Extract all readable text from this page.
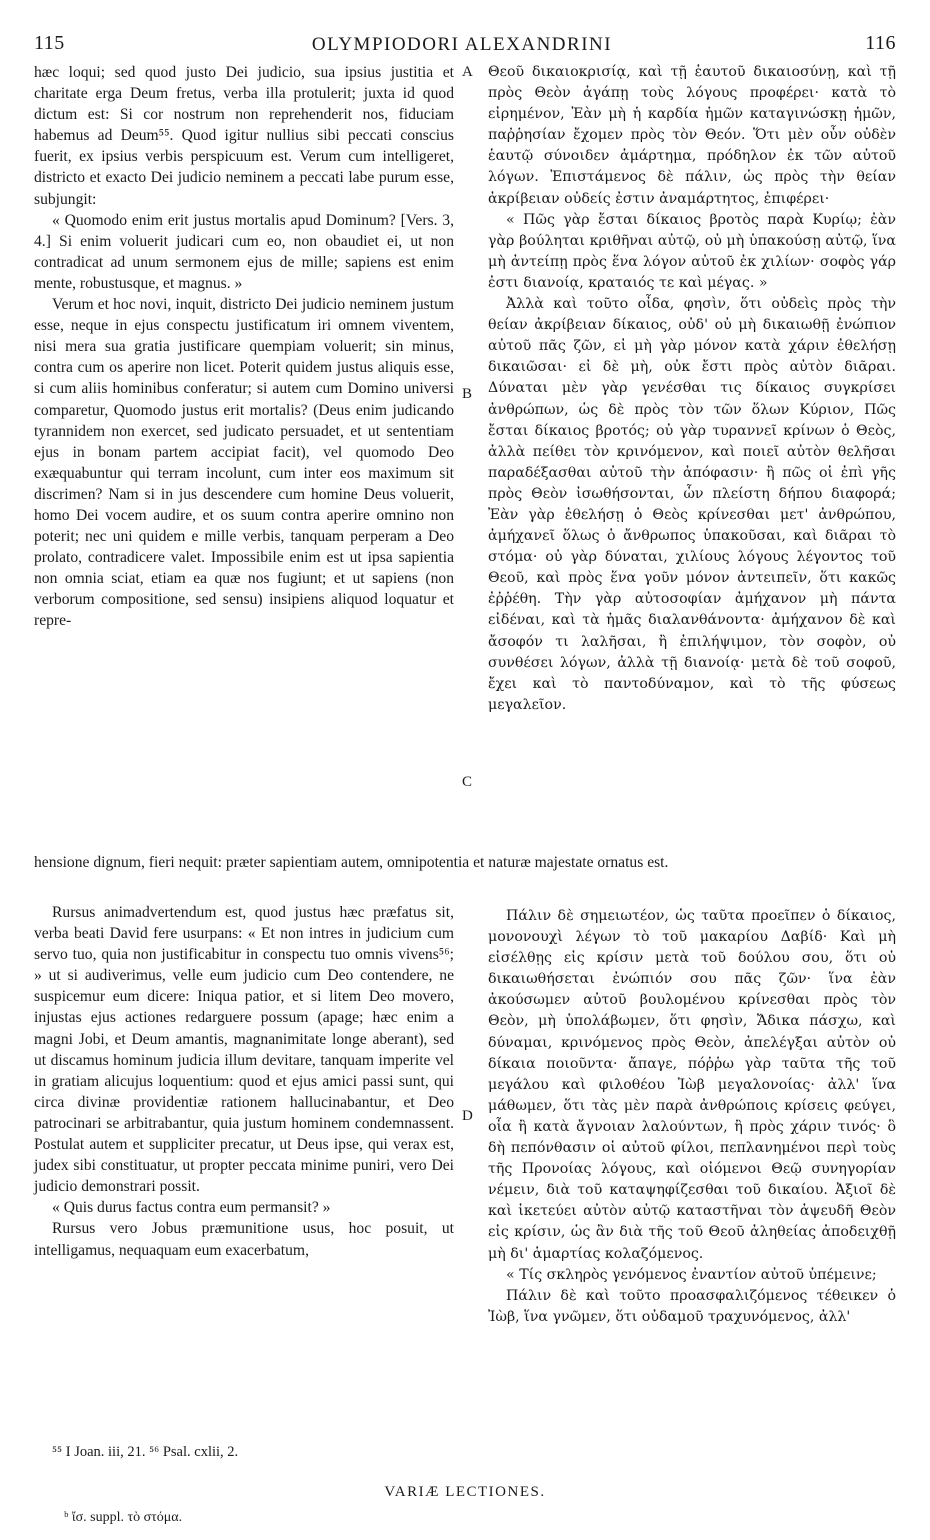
115	OLYMPIODORI ALEXANDRINI	116

hæc loqui; sed quod justo Dei judicio, sua ipsius justitia et charitate erga Deum fretus, verba illa protulerit; juxta id quod dictum est: Si cor nostrum non reprehenderit nos, fiduciam habemus ad Deum⁵⁵. Quod igitur nullius sibi peccati conscius fuerit, ex ipsius verbis perspicuum est. Verum cum intelligeret, districto et exacto Dei judicio neminem a peccati labe purum esse, subjungit:

« Quomodo enim erit justus mortalis apud Dominum? [Vers. 3, 4.] Si enim voluerit judicari cum eo, non obaudiet ei, ut non contradicat ad unum sermonem ejus de mille; sapiens est enim mente, robustusque, et magnus. »

Verum et hoc novi, inquit, districto Dei judicio neminem justum esse, neque in ejus conspectu justificatum iri omnem viventem, nisi mera sua gratia justificare quempiam voluerit; sin minus, contra cum os aperire non licet. Poterit quidem justus aliquis esse, si cum aliis hominibus conferatur; si autem cum Domino universi comparetur, Quomodo justus erit mortalis? (Deus enim judicando tyrannidem non exercet, sed judicato persuadet, et ut sententiam ejus in bonam partem accipiat facit), vel quomodo Deo exæquabuntur qui terram incolunt, cum inter eos maximum sit discrimen? Nam si in jus descendere cum homine Deus voluerit, homo Dei vocem audire, et os suum contra aperire omnino non poterit; nec uni quidem e mille verbis, tanquam perperam a Deo prolato, contradicere valet. Impossibile enim est ut ipsa sapientia non omnia sciat, etiam ea quæ nos fugiunt; et ut sapiens (non verborum compositione, sed sensu) insipiens aliquod loquatur et repre-

Θεοῦ δικαιοκρισίᾳ, καὶ τῇ ἑαυτοῦ δικαιοσύνῃ, καὶ τῇ πρὸς Θεὸν ἀγάπῃ τοὺς λόγους προφέρει· κατὰ τὸ εἰρημένον, Ἐὰν μὴ ἡ καρδία ἡμῶν καταγινώσκῃ ἡμῶν, παῤῥησίαν ἔχομεν πρὸς τὸν Θεόν. Ὅτι μὲν οὖν οὐδὲν ἑαυτῷ σύνοιδεν ἁμάρτημα, πρόδηλον ἐκ τῶν αὐτοῦ λόγων. Ἐπιστάμενος δὲ πάλιν, ὡς πρὸς τὴν θείαν ἀκρίβειαν οὐδείς ἐστιν ἀναμάρτητος, ἐπιφέρει·

« Πῶς γὰρ ἔσται δίκαιος βροτὸς παρὰ Κυρίῳ; ἐὰν γὰρ βούληται κριθῆναι αὐτῷ, οὐ μὴ ὑπακούσῃ αὐτῷ, ἵνα μὴ ἀντείπῃ πρὸς ἕνα λόγον αὐτοῦ ἐκ χιλίων· σοφὸς γάρ ἐστι διανοίᾳ, κραταιός τε καὶ μέγας. »

Ἀλλὰ καὶ τοῦτο οἶδα, φησὶν, ὅτι οὐδεὶς πρὸς τὴν θείαν ἀκρίβειαν δίκαιος, οὐδ' οὐ μὴ δικαιωθῇ ἐνώπιον αὐτοῦ πᾶς ζῶν, εἰ μὴ γὰρ μόνον κατὰ χάριν ἐθελήσῃ δικαιῶσαι· εἰ δὲ μὴ, οὐκ ἔστι πρὸς αὐτὸν διᾶραι. Δύναται μὲν γὰρ γενέσθαι τις δίκαιος συγκρίσει ἀνθρώπων, ὡς δὲ πρὸς τὸν τῶν ὅλων Κύριον, Πῶς ἔσται δίκαιος βροτός; οὐ γὰρ τυραννεῖ κρίνων ὁ Θεὸς, ἀλλὰ πείθει τὸν κρινόμενον, καὶ ποιεῖ αὐτὸν θελῆσαι παραδέξασθαι αὐτοῦ τὴν ἀπόφασιν· ἢ πῶς οἱ ἐπὶ γῆς πρὸς Θεὸν ἰσωθήσονται, ὧν πλείστη δήπου διαφορά; Ἐὰν γὰρ ἐθελήσῃ ὁ Θεὸς κρίνεσθαι μετ' ἀνθρώπου, ἀμήχανεῖ ὅλως ὁ ἄνθρωπος ὑπακοῦσαι, καὶ διᾶραι τὸ στόμα· οὐ γὰρ δύναται, χιλίους λόγους λέγοντος τοῦ Θεοῦ, καὶ πρὸς ἕνα γοῦν μόνον ἀντειπεῖν, ὅτι κακῶς ἐῤῥέθη. Τὴν γὰρ αὐτοσοφίαν ἀμήχανον μὴ πάντα εἰδέναι, καὶ τὰ ἡμᾶς διαλανθάνοντα· ἀμήχανον δὲ καὶ ἄσοφόν τι λαλῆσαι, ἢ ἐπιλήψιμον, τὸν σοφὸν, οὐ συνθέσει λόγων, ἀλλὰ τῇ διανοίᾳ· μετὰ δὲ τοῦ σοφοῦ, ἔχει καὶ τὸ παντοδύναμον, καὶ τὸ τῆς φύσεως μεγαλεῖον.

A
B
C
D

hensione dignum, fieri nequit: præter sapientiam autem, omnipotentia et naturæ majestate ornatus est.

Rursus animadvertendum est, quod justus hæc præfatus sit, verba beati David fere usurpans: « Et non intres in judicium cum servo tuo, quia non justificabitur in conspectu tuo omnis vivens⁵⁶; » ut si audiverimus, velle eum judicio cum Deo contendere, ne suspicemur eum dicere: Iniqua patior, et si litem Deo movero, injustas ejus actiones redarguere possum (apage; hæc enim a magni Jobi, et Deum amantis, magnanimitate longe aberant), sed ut discamus hominum judicia illum devitare, tanquam imperite vel in gratiam alicujus loquentium: quod et ejus amici passi sunt, qui circa divinæ providentiæ rationem hallucinabantur, et Deo patrocinari se arbitrabantur, quia justum hominem condemnassent. Postulat autem et suppliciter precatur, ut Deus ipse, qui verax est, judex sibi constituatur, ut propter peccata minime puniri, vero Dei judicio demonstrari possit.

« Quis durus factus contra eum permansit? »

Rursus vero Jobus præmunitione usus, hoc posuit, ut intelligamus, nequaquam eum exacerbatum,

Πάλιν δὲ σημειωτέον, ὡς ταῦτα προεῖπεν ὁ δίκαιος, μονονουχὶ λέγων τὸ τοῦ μακαρίου Δαβίδ· Καὶ μὴ εἰσέλθῃς εἰς κρίσιν μετὰ τοῦ δούλου σου, ὅτι οὐ δικαιωθήσεται ἐνώπιόν σου πᾶς ζῶν· ἵνα ἐὰν ἀκούσωμεν αὐτοῦ βουλομένου κρίνεσθαι πρὸς τὸν Θεὸν, μὴ ὑπολάβωμεν, ὅτι φησὶν, Ἄδικα πάσχω, καὶ δύναμαι, κρινόμενος πρὸς Θεὸν, ἀπελέγξαι αὐτὸν οὐ δίκαια ποιοῦντα· ἄπαγε, πόῤῥω γὰρ ταῦτα τῆς τοῦ μεγάλου καὶ φιλοθέου Ἰὼβ μεγαλονοίας· ἀλλ' ἵνα μάθωμεν, ὅτι τὰς μὲν παρὰ ἀνθρώποις κρίσεις φεύγει, οἷα ἢ κατὰ ἄγνοιαν λαλούντων, ἢ πρὸς χάριν τινός· ὃ δὴ πεπόνθασιν οἱ αὐτοῦ φίλοι, πεπλανημένοι περὶ τοὺς τῆς Προνοίας λόγους, καὶ οἰόμενοι Θεῷ συνηγορίαν νέμειν, διὰ τοῦ καταψηφίζεσθαι τοῦ δικαίου. Ἀξιοῖ δὲ καὶ ἱκετεύει αὐτὸν αὐτῷ καταστῆναι τὸν ἀψευδῆ Θεὸν εἰς κρίσιν, ὡς ἂν διὰ τῆς τοῦ Θεοῦ ἀληθείας ἀποδειχθῇ μὴ δι' ἁμαρτίας κολαζόμενος.

« Τίς σκληρὸς γενόμενος ἐναντίον αὐτοῦ ὑπέμεινε;

Πάλιν δὲ καὶ τοῦτο προασφαλιζόμενος τέθεικεν ὁ Ἰὼβ, ἵνα γνῶμεν, ὅτι οὐδαμοῦ τραχυνόμενος, ἀλλ'

⁵⁵ I Joan. iii, 21. ⁵⁶ Psal. cxlii, 2.
VARIÆ LECTIONES.
ᵇ ἴσ. suppl. τὸ στόμα.
